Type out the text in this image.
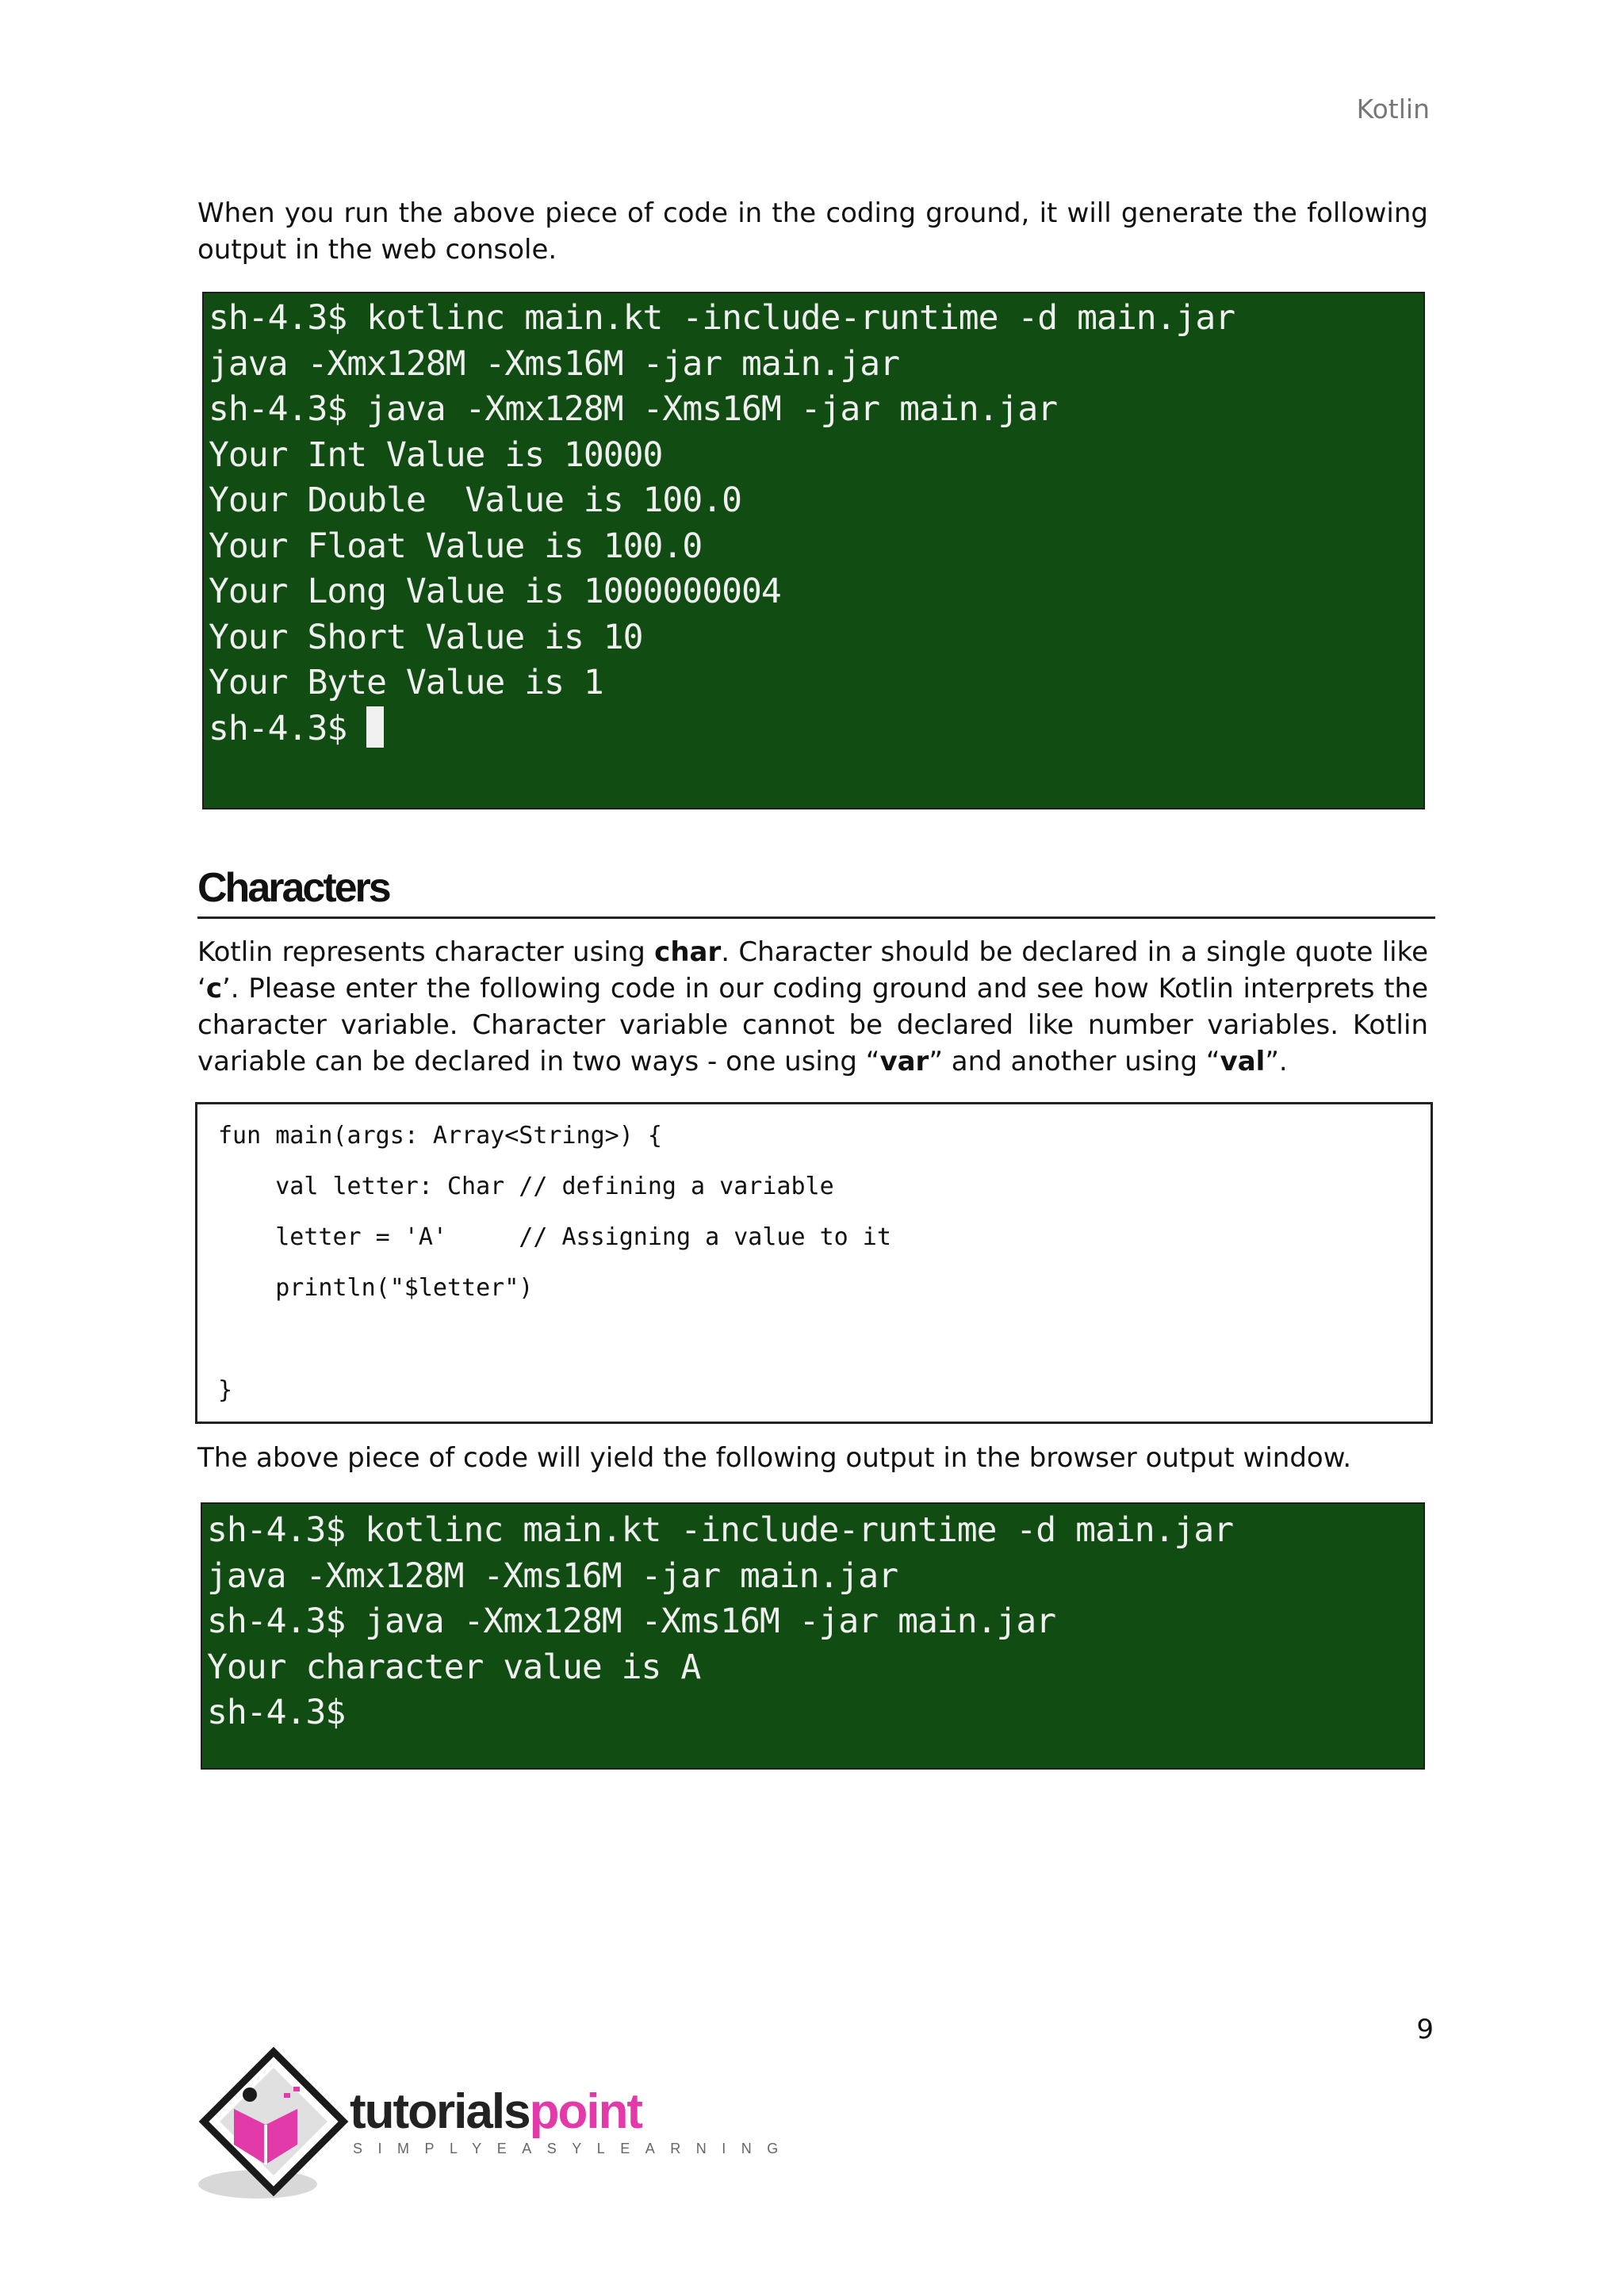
Kotlin
When you run the above piece of code in the coding ground, it will generate the following
output in the web console.
sh-4.3$ kotlinc main.kt -include-runtime -d main.jar
java -Xmx128M -Xms16M -jar main.jar
sh-4.3$ java -Xmx128M -Xms16M -jar main.jar
Your Int Value is 10000
Your Double  Value is 100.0
Your Float Value is 100.0
Your Long Value is 1000000004
Your Short Value is 10
Your Byte Value is 1
sh-4.3$
Characters
Kotlin represents character using char. Character should be declared in a single quote like
‘c’. Please enter the following code in our coding ground and see how Kotlin interprets the
character variable. Character variable cannot be declared like number variables. Kotlin
variable can be declared in two ways - one using “var” and another using “val”.
fun main(args: Array<String>) {
val letter: Char // defining a variable
letter = 'A'     // Assigning a value to it
println("$letter")
}
The above piece of code will yield the following output in the browser output window.
sh-4.3$ kotlinc main.kt -include-runtime -d main.jar
java -Xmx128M -Xms16M -jar main.jar
sh-4.3$ java -Xmx128M -Xms16M -jar main.jar
Your character value is A
sh-4.3$
9
tutorialspoint
SIMPLYEASYLEARNING
